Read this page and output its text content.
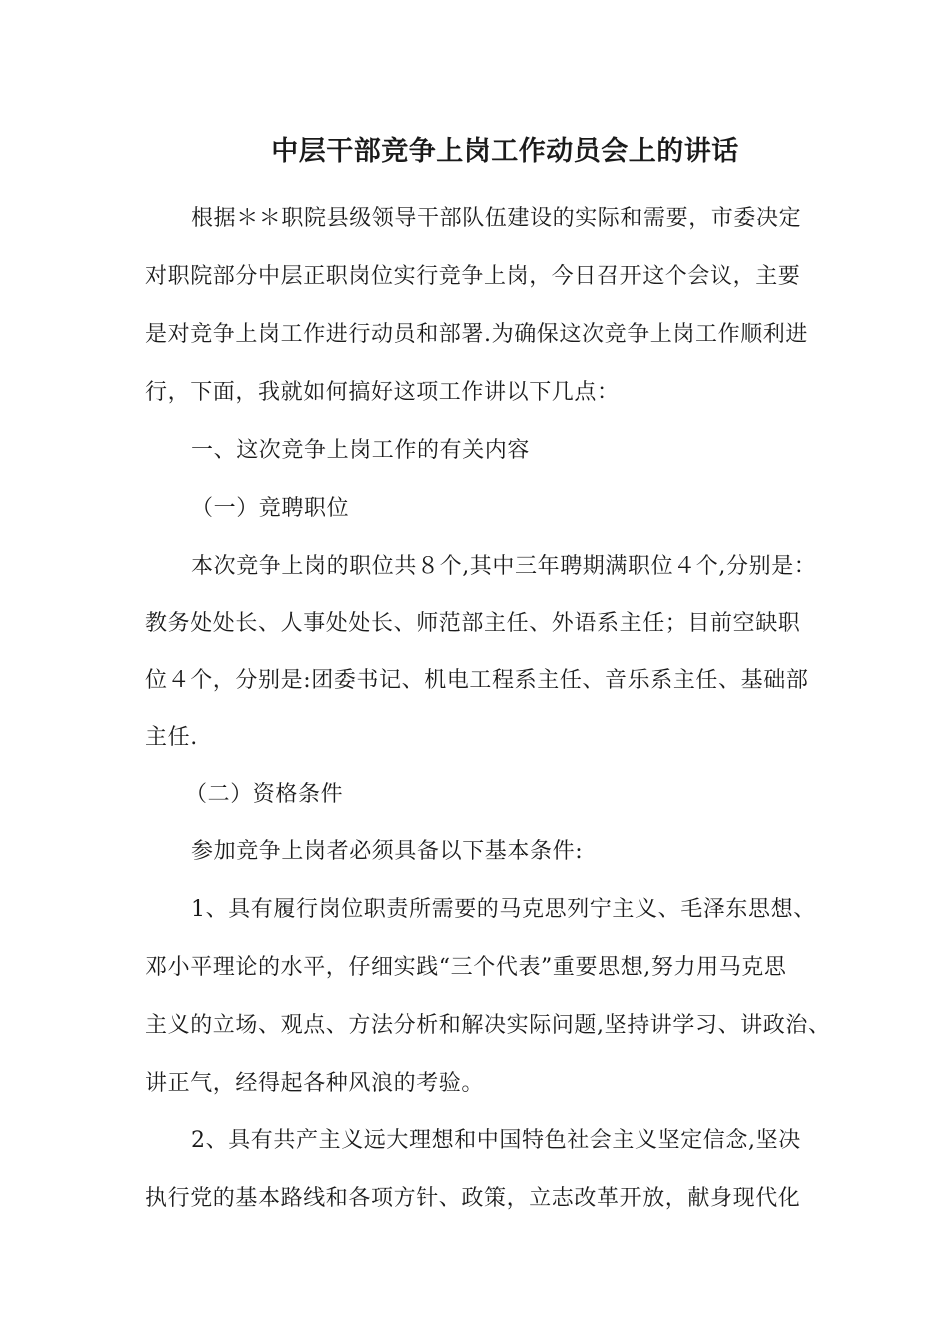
中层干部竞争上岗工作动员会上的讲话
根据＊＊职院县级领导干部队伍建设的实际和需要，市委决定
对职院部分中层正职岗位实行竞争上岗，今日召开这个会议，主要
是对竞争上岗工作进行动员和部署.为确保这次竞争上岗工作顺利进
行，下面，我就如何搞好这项工作讲以下几点：
一、这次竞争上岗工作的有关内容
（一）竞聘职位
本次竞争上岗的职位共８个,其中三年聘期满职位４个,分别是：
教务处处长、人事处处长、师范部主任、外语系主任；目前空缺职
位４个，分别是:团委书记、机电工程系主任、音乐系主任、基础部
主任.
（二）资格条件
参加竞争上岗者必须具备以下基本条件:
1、具有履行岗位职责所需要的马克思列宁主义、毛泽东思想、
邓小平理论的水平，仔细实践“三个代表”重要思想,努力用马克思
主义的立场、观点、方法分析和解决实际问题,坚持讲学习、讲政治、
讲正气，经得起各种风浪的考验。
2、具有共产主义远大理想和中国特色社会主义坚定信念,坚决
执行党的基本路线和各项方针、政策，立志改革开放，献身现代化
